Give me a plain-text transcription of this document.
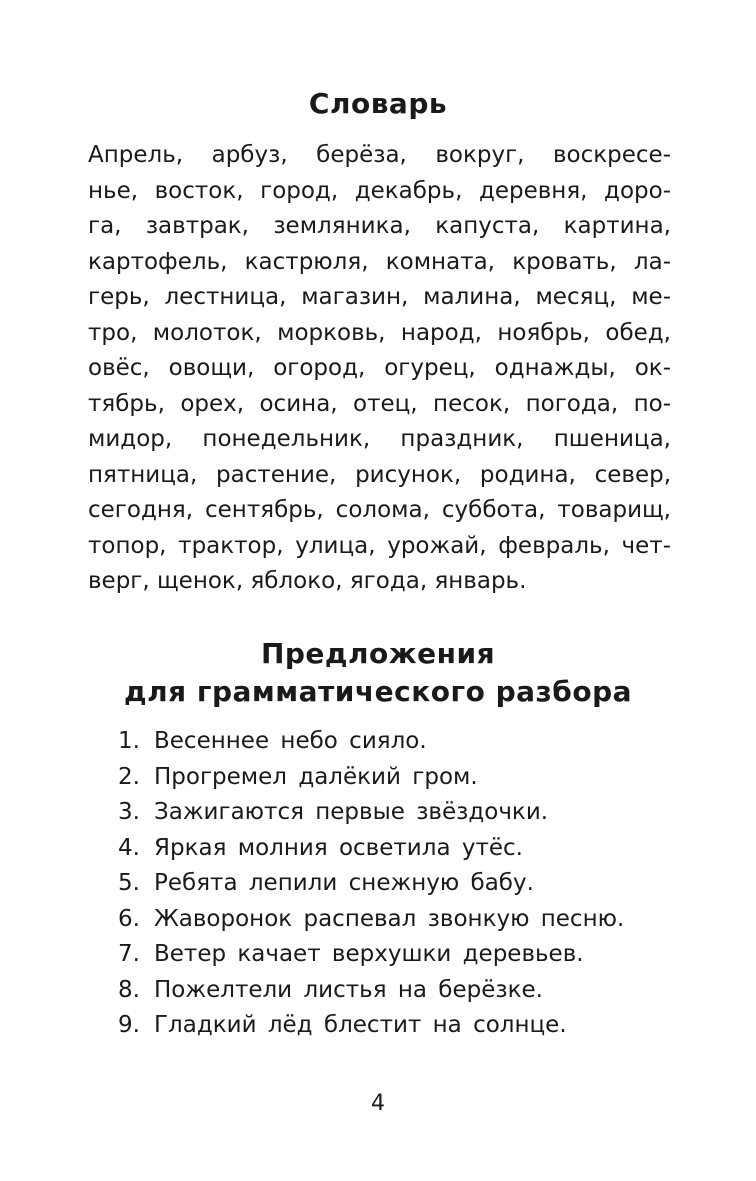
Словарь
Апрель, арбуз, берёза, вокруг, воскресе-
нье, восток, город, декабрь, деревня, доро-
га, завтрак, земляника, капуста, картина,
картофель, кастрюля, комната, кровать, ла-
герь, лестница, магазин, малина, месяц, ме-
тро, молоток, морковь, народ, ноябрь, обед,
овёс, овощи, огород, огурец, однажды, ок-
тябрь, орех, осина, отец, песок, погода, по-
мидор, понедельник, праздник, пшеница,
пятница, растение, рисунок, родина, север,
сегодня, сентябрь, солома, суббота, товарищ,
топор, трактор, улица, урожай, февраль, чет-
верг, щенок, яблоко, ягода, январь.
Предложения
для грамматического разбора
1. Весеннее небо сияло.
2. Прогремел далёкий гром.
3. Зажигаются первые звёздочки.
4. Яркая молния осветила утёс.
5. Ребята лепили снежную бабу.
6. Жаворонок распевал звонкую песню.
7. Ветер качает верхушки деревьев.
8. Пожелтели листья на берёзке.
9. Гладкий лёд блестит на солнце.
4
